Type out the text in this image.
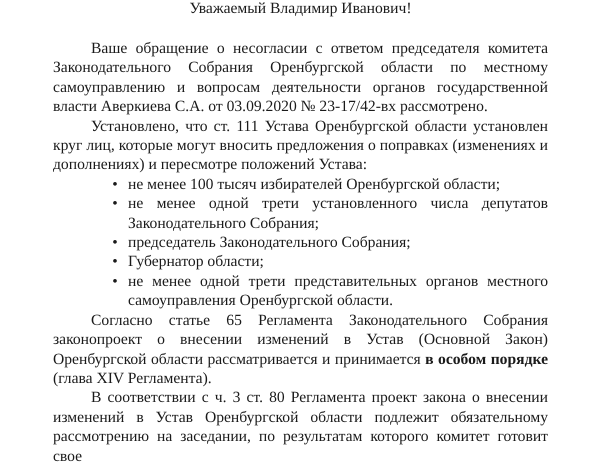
Уважаемый Владимир Иванович!

Ваше обращение о несогласии с ответом председателя комитета Законодательного Собрания Оренбургской области по местному самоуправлению и вопросам деятельности органов государственной власти Аверкиева С.А. от 03.09.2020 № 23-17/42-вх рассмотрено.

Установлено, что ст. 111 Устава Оренбургской области установлен круг лиц, которые могут вносить предложения о поправках (изменениях и дополнениях) и пересмотре положений Устава:

• не менее 100 тысяч избирателей Оренбургской области;
• не менее одной трети установленного числа депутатов Законодательного Собрания;
• председатель Законодательного Собрания;
• Губернатор области;
• не менее одной трети представительных органов местного самоуправления Оренбургской области.

Согласно статье 65 Регламента Законодательного Собрания законопроект о внесении изменений в Устав (Основной Закон) Оренбургской области рассматривается и принимается в особом порядке (глава XIV Регламента).

В соответствии с ч. 3 ст. 80 Регламента проект закона о внесении изменений в Устав Оренбургской области подлежит обязательному рассмотрению на заседании, по результатам которого комитет готовит свое
